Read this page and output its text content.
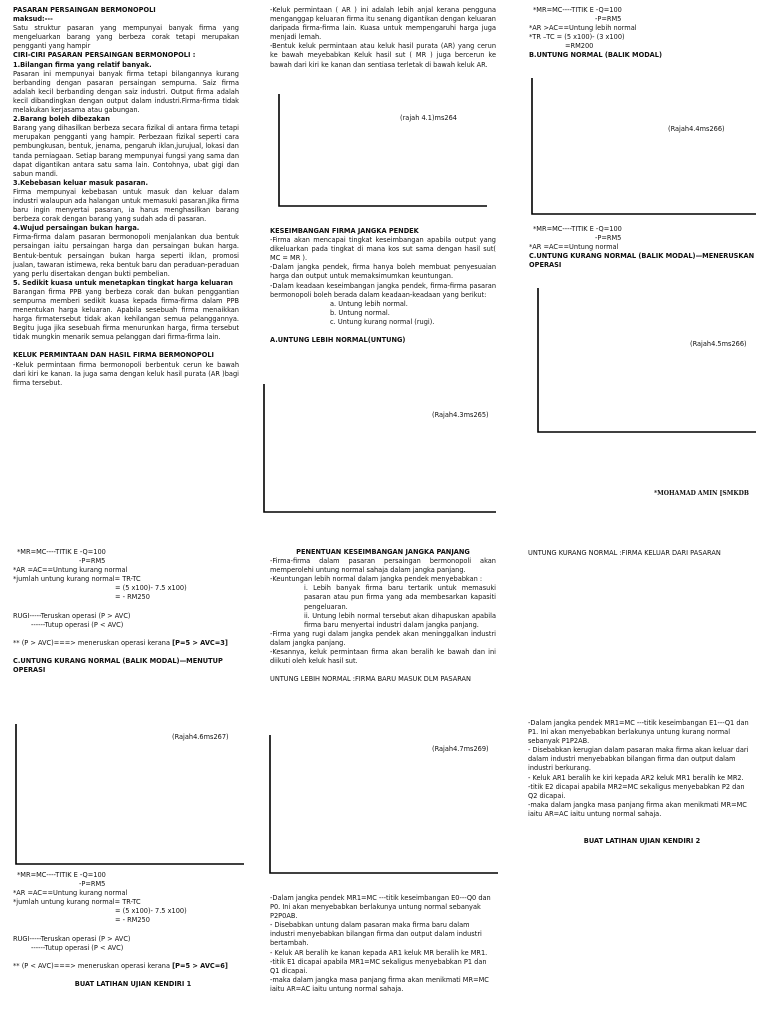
PASARAN PERSAINGAN BERMONOPOLI

maksud:---

Satu struktur pasaran yang mempunyai banyak firma yang mengeluarkan barang yang berbeza corak tetapi merupakan pengganti yang hampir

CIRI-CIRI PASARAN PERSAINGAN BERMONOPOLI :

1.Bilangan firma yang relatif banyak.

Pasaran ini mempunyai banyak firma tetapi bilangannya kurang berbanding dengan pasaran persaingan sempurna. Saiz firma adalah kecil berbanding dengan saiz industri. Output firma adalah kecil dibandingkan dengan output dalam industri.Firma-firma tidak melakukan kerjasama atau gabungan.

2.Barang boleh dibezakan

Barang yang dihasilkan berbeza secara fizikal di antara firma tetapi merupakan pengganti yang hampir. Perbezaan fizikal seperti cara pembungkusan, bentuk, jenama, pengaruh iklan,jurujual, lokasi dan tanda perniagaan. Setiap barang mempunyai fungsi yang sama dan dapat digantikan antara satu sama lain. Contohnya, ubat gigi dan sabun mandi.

3.Kebebasan keluar masuk pasaran.

Firma mempunyai kebebasan untuk masuk dan keluar dalam industri walaupun ada halangan untuk memasuki pasaran.Jika firma baru ingin menyertai pasaran, ia harus menghasilkan barang berbeza corak dengan barang yang sudah ada di pasaran.

4.Wujud persaingan bukan harga.

Firma-firma dalam pasaran bermonopoli menjalankan dua bentuk persaingan iaitu persaingan harga dan persaingan bukan harga. Bentuk-bentuk persaingan bukan harga seperti iklan, promosi jualan, tawaran istimewa, reka bentuk baru dan peraduan-peraduan yang perlu disertakan dengan bukti pembelian.

5. Sedikit kuasa untuk menetapkan tingkat harga keluaran

Barangan firma PPB yang berbeza corak dan bukan penggantian sempurna memberi sedikit kuasa kepada firma-firma dalam PPB menentukan harga keluaran. Apabila sesebuah firma menaikkan harga firmatersebut tidak akan kehilangan semua pelanggannya. Begitu juga jika sesebuah firma menurunkan harga, firma tersebut tidak mungkin menarik semua pelanggan dari firma-firma lain.

KELUK PERMINTAAN DAN HASIL FIRMA BERMONOPOLI

-Keluk permintaan firma bermonopoli berbentuk cerun ke bawah dari kiri ke kanan. Ia juga sama dengan keluk hasil purata (AR )bagi firma tersebut.

-Keluk permintaan ( AR ) ini adalah lebih anjal kerana pengguna menganggap keluaran firma itu senang digantikan dengan keluaran daripada firma-firma lain. Kuasa untuk mempengaruhi harga juga menjadi lemah.

-Bentuk keluk permintaan atau keluk hasil purata (AR) yang cerun ke bawah meyebabkan Keluk hasil sut ( MR ) juga bercerun ke bawah dari kiri ke kanan dan sentiasa terletak di bawah keluk AR.

(rajah 4.1)ms264

KESEIMBANGAN FIRMA JANGKA PENDEK

-Firma akan mencapai tingkat keseimbangan apabila output yang dikeluarkan pada tingkat di mana kos sut sama dengan hasil sut( MC = MR ).

-Dalam jangka pendek, firma hanya boleh membuat penyesuaian harga dan output untuk memaksimumkan keuntungan.

-Dalam keadaan keseimbangan jangka pendek, firma-firma pasaran bermonopoli boleh berada dalam keadaan-keadaan yang berikut:

a. Untung lebih normal.

b. Untung normal.

c. Untung kurang normal (rugi).

A.UNTUNG LEBIH NORMAL(UNTUNG)

(Rajah4.3ms265)

*MR=MC----TITIK E -Q=100

-P=RM5

*AR >AC==Untung lebih normal

*TR –TC = (5 x100)- (3 x100)

=RM200

B.UNTUNG NORMAL (BALIK MODAL)

(Rajah4.4ms266)

*MR=MC----TITIK E -Q=100

-P=RM5

*AR =AC==Untung normal

C.UNTUNG KURANG NORMAL (BALIK MODAL)—MENERUSKAN OPERASI

(Rajah4.5ms266)
*MOHAMAD AMIN [SMKDB

*MR=MC----TITIK E -Q=100

-P=RM5

*AR =AC==Untung kurang normal

*jumlah untung kurang normal= TR-TC

= (5 x100)- 7.5 x100)

= - RM250

RUGI-----Teruskan operasi (P > AVC)

------Tutup operasi (P < AVC)

** (P > AVC)===> meneruskan operasi kerana [P=5 > AVC=3]

C.UNTUNG KURANG NORMAL (BALIK MODAL)—MENUTUP OPERASI

(Rajah4.6ms267)

*MR=MC----TITIK E -Q=100

-P=RM5

*AR =AC==Untung kurang normal

*jumlah untung kurang normal= TR-TC

= (5 x100)- 7.5 x100)

= - RM250

RUGI-----Teruskan operasi (P > AVC)

------Tutup operasi (P < AVC)

** (P < AVC)===> meneruskan operasi kerana [P=5 > AVC=6]

BUAT LATIHAN UJIAN KENDIRI 1

PENENTUAN KESEIMBANGAN JANGKA PANJANG

-Firma-firma dalam pasaran persaingan bermonopoli akan memperolehi untung normal sahaja dalam jangka panjang.

-Keuntungan lebih normal dalam jangka pendek menyebabkan :

i. Lebih banyak firma baru tertarik untuk memasuki pasaran atau pun firma yang ada membesarkan kapasiti pengeluaran.

ii. Untung lebih normal tersebut akan dihapuskan apabila firma baru menyertai industri dalam jangka panjang.

-Firma yang rugi dalam jangka pendek akan meninggalkan industri dalam jangka panjang.

-Kesannya, keluk permintaan firma akan beralih ke bawah dan ini diikuti oleh keluk hasil sut.

UNTUNG LEBIH NORMAL :FIRMA BARU MASUK DLM PASARAN

(Rajah4.7ms269)

-Dalam jangka pendek MR1=MC ---titik keseimbangan E0---Q0 dan P0. Ini akan menyebabkan berlakunya untung normal sebanyak P2P0AB.

- Disebabkan untung dalam pasaran maka firma baru dalam industri menyebabkan bilangan firma dan output dalam industri bertambah.

- Keluk AR beralih ke kanan kepada AR1 keluk MR beralih ke MR1.

-titik E1 dicapai apabila MR1=MC sekaligus menyebabkan P1 dan Q1 dicapai.

-maka dalam jangka masa panjang firma akan menikmati MR=MC iaitu AR=AC iaitu untung normal sahaja.

UNTUNG KURANG NORMAL :FIRMA KELUAR DARI PASARAN

-Dalam jangka pendek MR1=MC ---titik keseimbangan E1---Q1 dan P1. Ini akan menyebabkan berlakunya untung kurang normal sebanyak P1P2AB.

- Disebabkan kerugian dalam pasaran maka firma akan keluar dari dalam industri menyebabkan bilangan firma dan output dalam industri berkurang.

- Keluk AR1 beralih ke kiri kepada AR2 keluk MR1 beralih ke MR2.

-titik E2 dicapai apabila MR2=MC sekaligus menyebabkan P2 dan Q2 dicapai.

-maka dalam jangka masa panjang firma akan menikmati MR=MC iaitu AR=AC iaitu untung normal sahaja.

BUAT LATIHAN UJIAN KENDIRI 2
